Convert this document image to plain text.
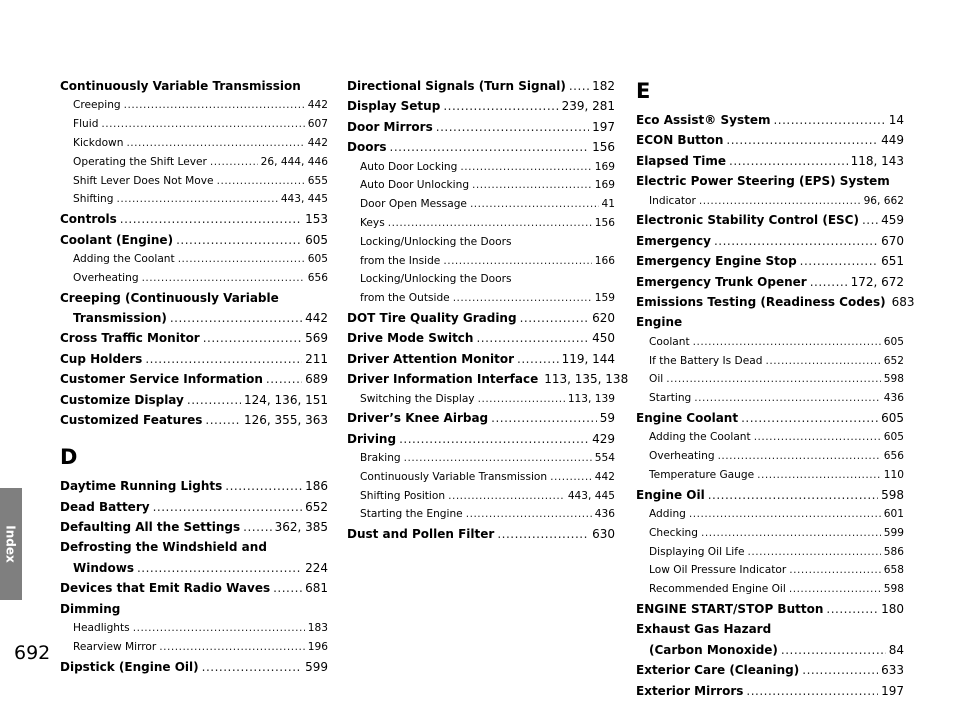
Index
692
Continuously Variable Transmission
Creeping .....	442
Fluid .....	607
Kickdown .....	442
Operating the Shift Lever .....	26, 444, 446
Shift Lever Does Not Move .....	655
Shifting .....	443, 445
Controls .....	153
Coolant (Engine) .....	605
Adding the Coolant .....	605
Overheating .....	656
Creeping (Continuously Variable
Transmission) .....	442
Cross Traffic Monitor .....	569
Cup Holders .....	211
Customer Service Information .....	689
Customize Display .....	124, 136, 151
Customized Features .....	126, 355, 363
D
Daytime Running Lights .....	186
Dead Battery .....	652
Defaulting All the Settings .....	362, 385
Defrosting the Windshield and
Windows .....	224
Devices that Emit Radio Waves .....	681
Dimming
Headlights .....	183
Rearview Mirror .....	196
Dipstick (Engine Oil) .....	599
Directional Signals (Turn Signal) ..... 182
Display Setup .....	239, 281
Door Mirrors .....	197
Doors .....	156
Auto Door Locking .....	169
Auto Door Unlocking .....	169
Door Open Message .....	41
Keys .....	156
Locking/Unlocking the Doors
from the Inside .....	166
Locking/Unlocking the Doors
from the Outside .....	159
DOT Tire Quality Grading .....	620
Drive Mode Switch .....	450
Driver Attention Monitor .....	119, 144
Driver Information Interface 113, 135, 138
Switching the Display .....	113, 139
Driver’s Knee Airbag .....	59
Driving .....	429
Braking .....	554
Continuously Variable Transmission .....	442
Shifting Position .....	443, 445
Starting the Engine .....	436
Dust and Pollen Filter .....	630
E
Eco Assist® System .....	14
ECON Button .....	449
Elapsed Time .....	118, 143
Electric Power Steering (EPS) System
Indicator .....	96, 662
Electronic Stability Control (ESC) ..... 459
Emergency .....	670
Emergency Engine Stop .....	651
Emergency Trunk Opener .....	172, 672
Emissions Testing (Readiness Codes) 683
Engine
Coolant .....	605
If the Battery Is Dead .....	652
Oil .....	598
Starting .....	436
Engine Coolant .....	605
Adding the Coolant .....	605
Overheating .....	656
Temperature Gauge .....	110
Engine Oil .....	598
Adding .....	601
Checking .....	599
Displaying Oil Life .....	586
Low Oil Pressure Indicator .....	658
Recommended Engine Oil .....	598
ENGINE START/STOP Button .....	180
Exhaust Gas Hazard
(Carbon Monoxide) .....	84
Exterior Care (Cleaning) .....	633
Exterior Mirrors .....	197
